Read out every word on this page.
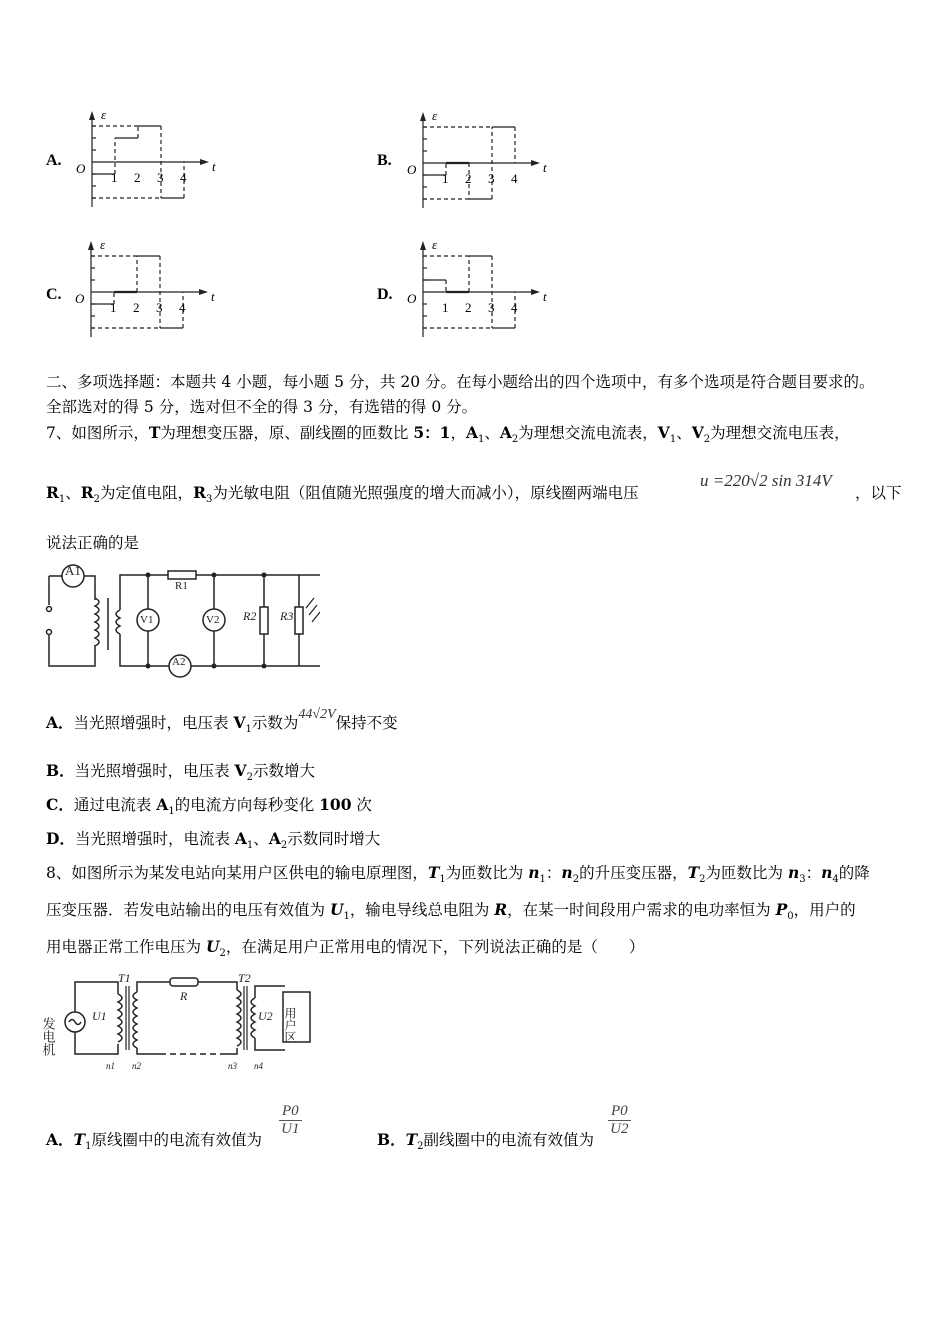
A.	B.
C.	D.
ε
t
O
1 2 3 4
ε
t
O
1 2 3 4
ε
t
O
1 2 3 4
ε
t
O
1 2 3 4
二、多项选择题：本题共 4 小题，每小题 5 分，共 20 分。在每小题给出的四个选项中，有多个选项是符合题目要求的。
全部选对的得 5 分，选对但不全的得 3 分，有选错的得 0 分。
7、如图所示，T为理想变压器，原、副线圈的匝数比 5：1，$A_1$、$A_2$为理想交流电流表，$V_1$、$V_2$为理想交流电压表，
$R_1$、$R_2$为定值电阻，$R_3$为光敏电阻（阻值随光照强度的增大而减小），原线圈两端电压
u =220√2 sin 314V
，以下
说法正确的是
A1
R1
V1	V2 R2 R3
A2
A．当光照增强时，电压表 $V_1$示数为44√2V保持不变
B．当光照增强时，电压表 $V_2$示数增大
C．通过电流表 $A_1$的电流方向每秒变化 100 次
D．当光照增强时，电流表 $A_1$、$A_2$示数同时增大
8、如图所示为某发电站向某用户区供电的输电原理图，$T_1$为匝数比为 $n_1$：$n_2$的升压变压器，$T_2$为匝数比为 $n_3$：$n_4$的降
压变压器．若发电站输出的电压有效值为 $U_1$，输电导线总电阻为 R，在某一时间段用户需求的电功率恒为 $P_0$，用户的
用电器正常工作电压为 $U_2$，在满足用户正常用电的情况下，下列说法正确的是（　　）
发电机	用户区
T1	T2
R
U1	U2
n1 n2	n3 n4
A．$T_1$原线圈中的电流有效值为
$\frac{P0}{U1}$
B．$T_2$副线圈中的电流有效值为
$\frac{P0}{U2}$
